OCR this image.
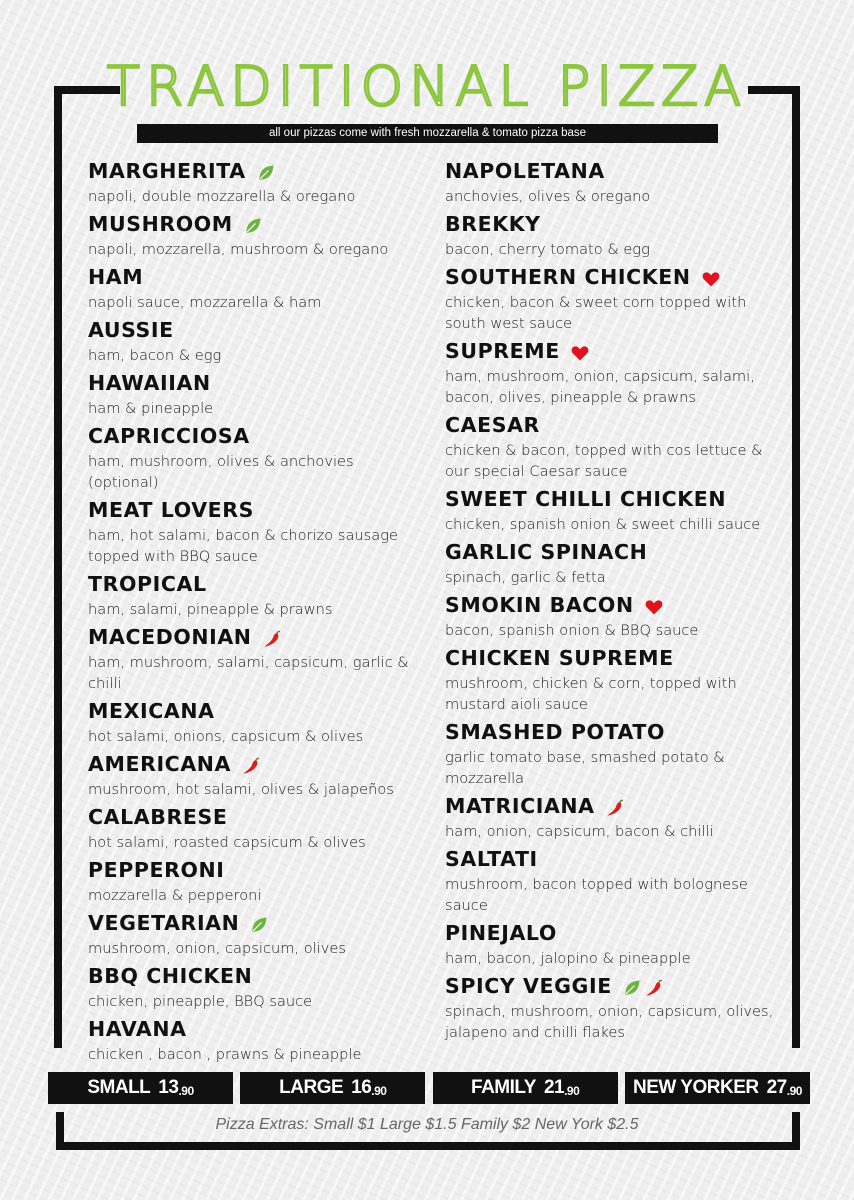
TRADITIONAL PIZZA
all our pizzas come with fresh mozzarella & tomato pizza base
MARGHERITA
napoli, double mozzarella & oregano
MUSHROOM
napoli, mozzarella, mushroom & oregano
HAM
napoli sauce, mozzarella & ham
AUSSIE
ham, bacon & egg
HAWAIIAN
ham & pineapple
CAPRICCIOSA
ham, mushroom, olives & anchovies (optional)
MEAT LOVERS
ham, hot salami, bacon & chorizo sausage topped with BBQ sauce
TROPICAL
ham, salami, pineapple & prawns
MACEDONIAN
ham, mushroom, salami, capsicum, garlic & chilli
MEXICANA
hot salami, onions, capsicum & olives
AMERICANA
mushroom, hot salami, olives & jalapeños
CALABRESE
hot salami, roasted capsicum & olives
PEPPERONI
mozzarella & pepperoni
VEGETARIAN
mushroom, onion, capsicum, olives
BBQ CHICKEN
chicken, pineapple, BBQ sauce
HAVANA
chicken , bacon , prawns & pineapple
NAPOLETANA
anchovies, olives & oregano
BREKKY
bacon, cherry tomato & egg
SOUTHERN CHICKEN
chicken, bacon & sweet corn topped with south west sauce
SUPREME
ham, mushroom, onion, capsicum, salami, bacon, olives, pineapple & prawns
CAESAR
chicken & bacon, topped with cos lettuce & our special Caesar sauce
SWEET CHILLI CHICKEN
chicken, spanish onion & sweet chilli sauce
GARLIC SPINACH
spinach, garlic & fetta
SMOKIN BACON
bacon, spanish onion & BBQ sauce
CHICKEN SUPREME
mushroom, chicken & corn, topped with mustard aioli sauce
SMASHED POTATO
garlic tomato base, smashed potato & mozzarella
MATRICIANA
ham, onion, capsicum, bacon & chilli
SALTATI
mushroom, bacon topped with bolognese sauce
PINEJALO
ham, bacon, jalopino & pineapple
SPICY VEGGIE
spinach, mushroom, onion, capsicum, olives, jalapeno and chilli flakes
SMALL 13.90	LARGE 16.90	FAMILY 21.90	NEW YORKER 27.90
Pizza Extras: Small $1 Large $1.5 Family $2 New York $2.5
